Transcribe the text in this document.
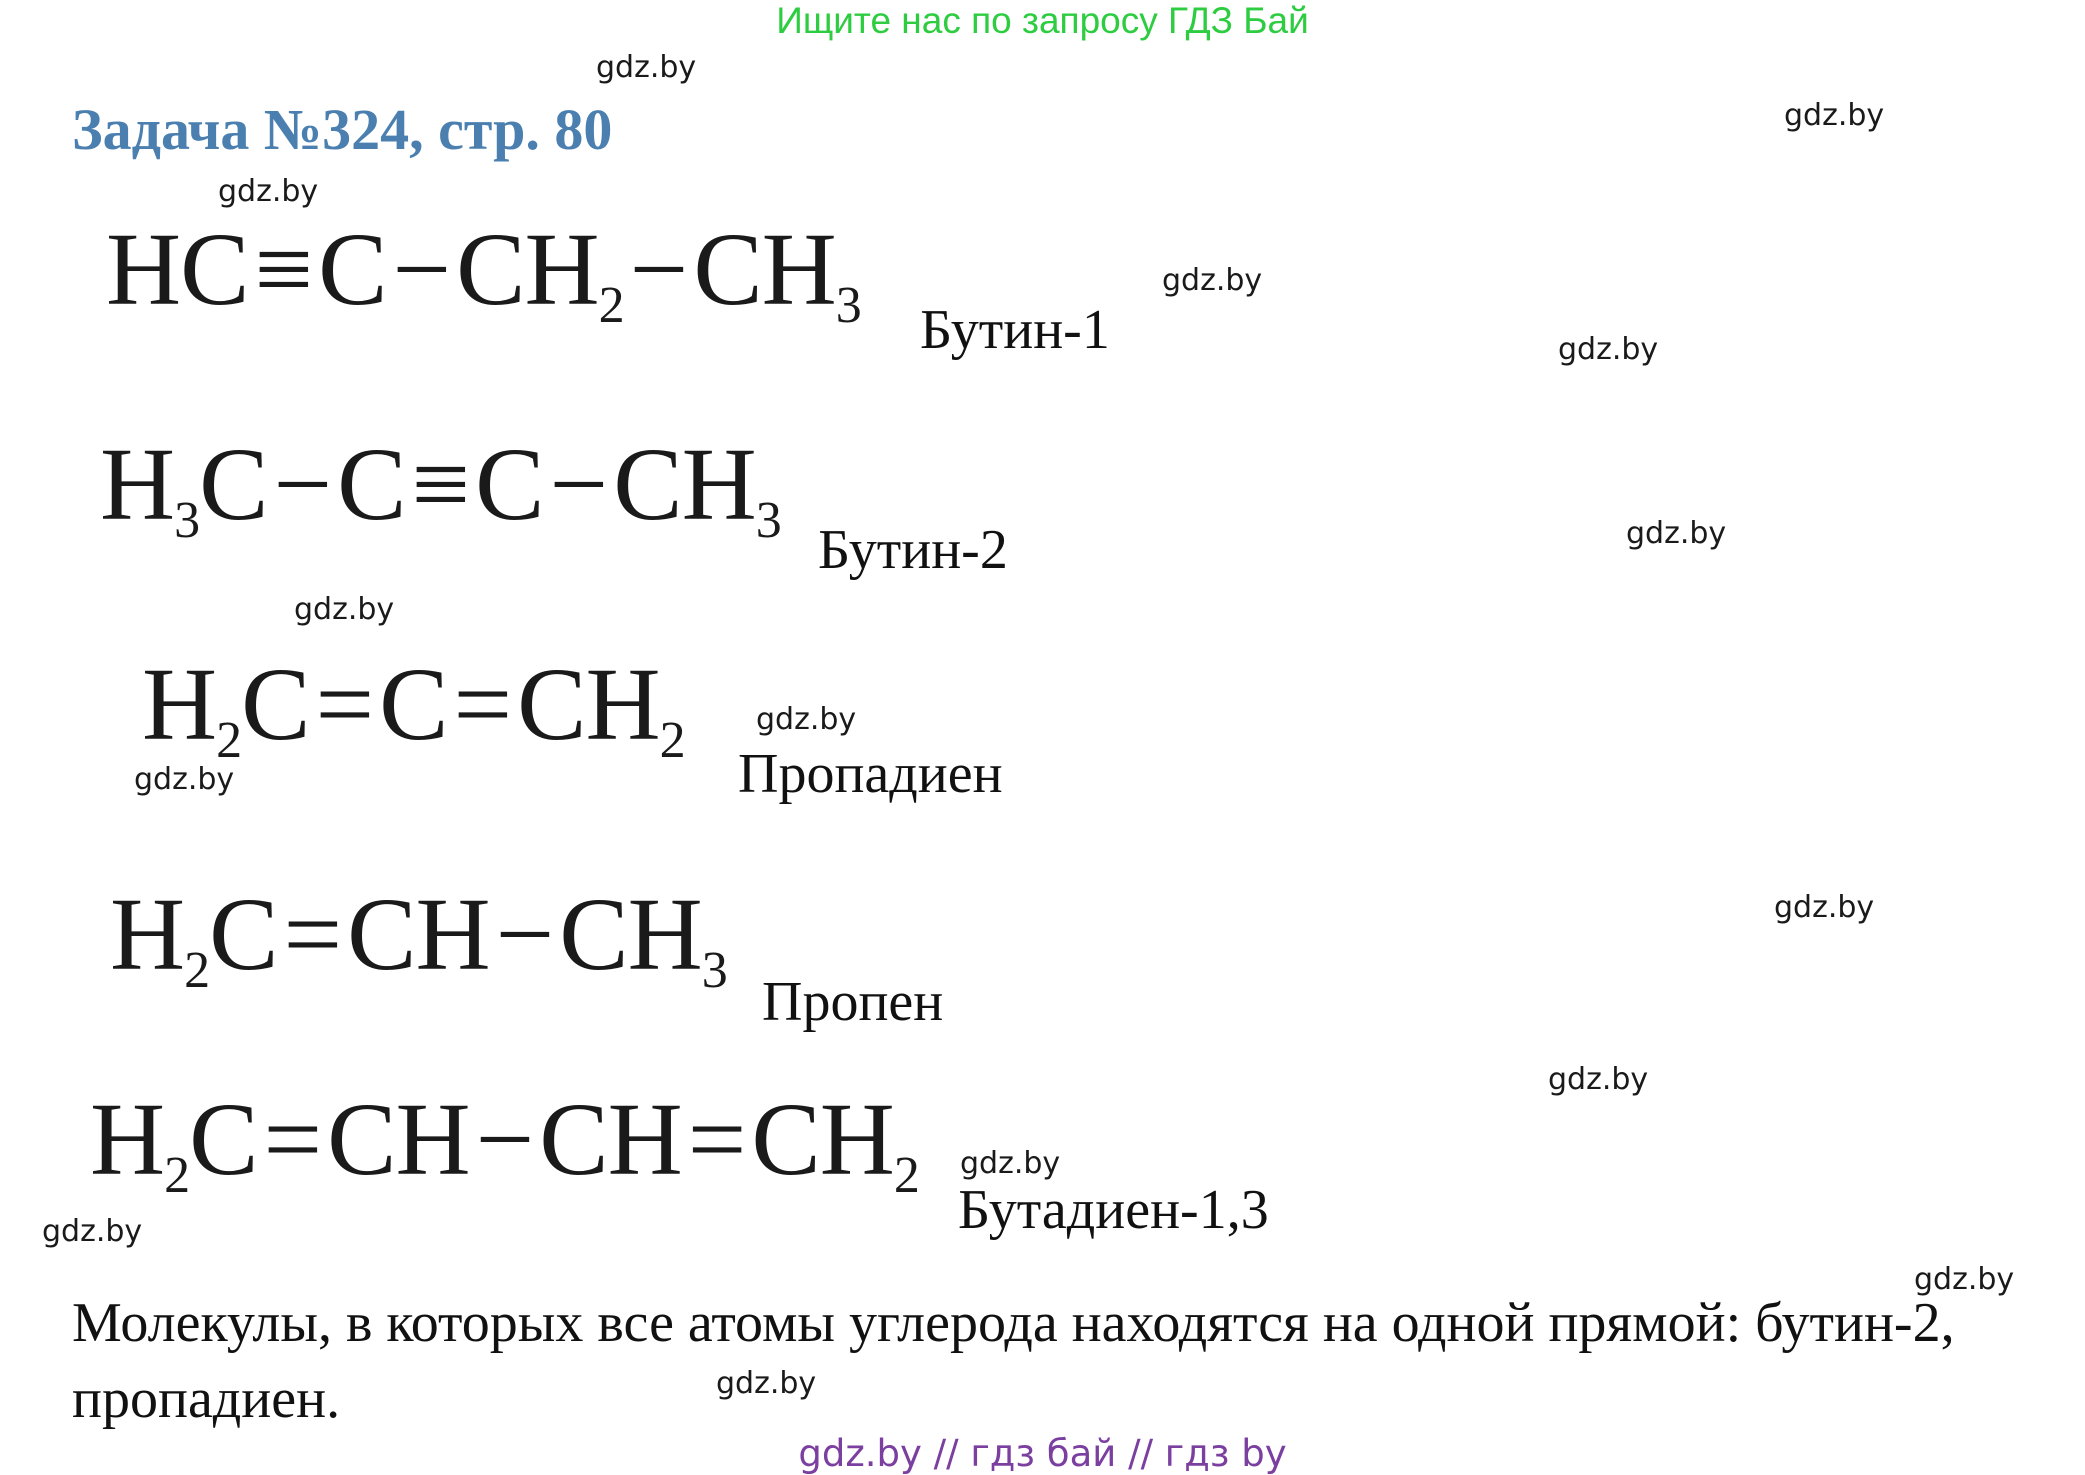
Ищите нас по запросу ГДЗ Бай
Задача №324, стр. 80
$HC\equiv C-CH_2-CH_3$ Бутин-1
$H_3C-C\equiv C-CH_3$ Бутин-2
$H_2C=C=CH_2$
Пропадиен
$H_2C=CH-CH_3$
Пропен
$H_2C=CH-CH=CH_2$
Бутадиен-1,3
Молекулы, в которых все атомы углерода находятся на одной прямой: бутин-2, пропадиен.
gdz.by
gdz.by
gdz.by
gdz.by
gdz.by
gdz.by
gdz.by
gdz.by
gdz.by
gdz.by
gdz.by
gdz.by
gdz.by
gdz.by
gdz.by
gdz.by // гдз бай // гдз by
